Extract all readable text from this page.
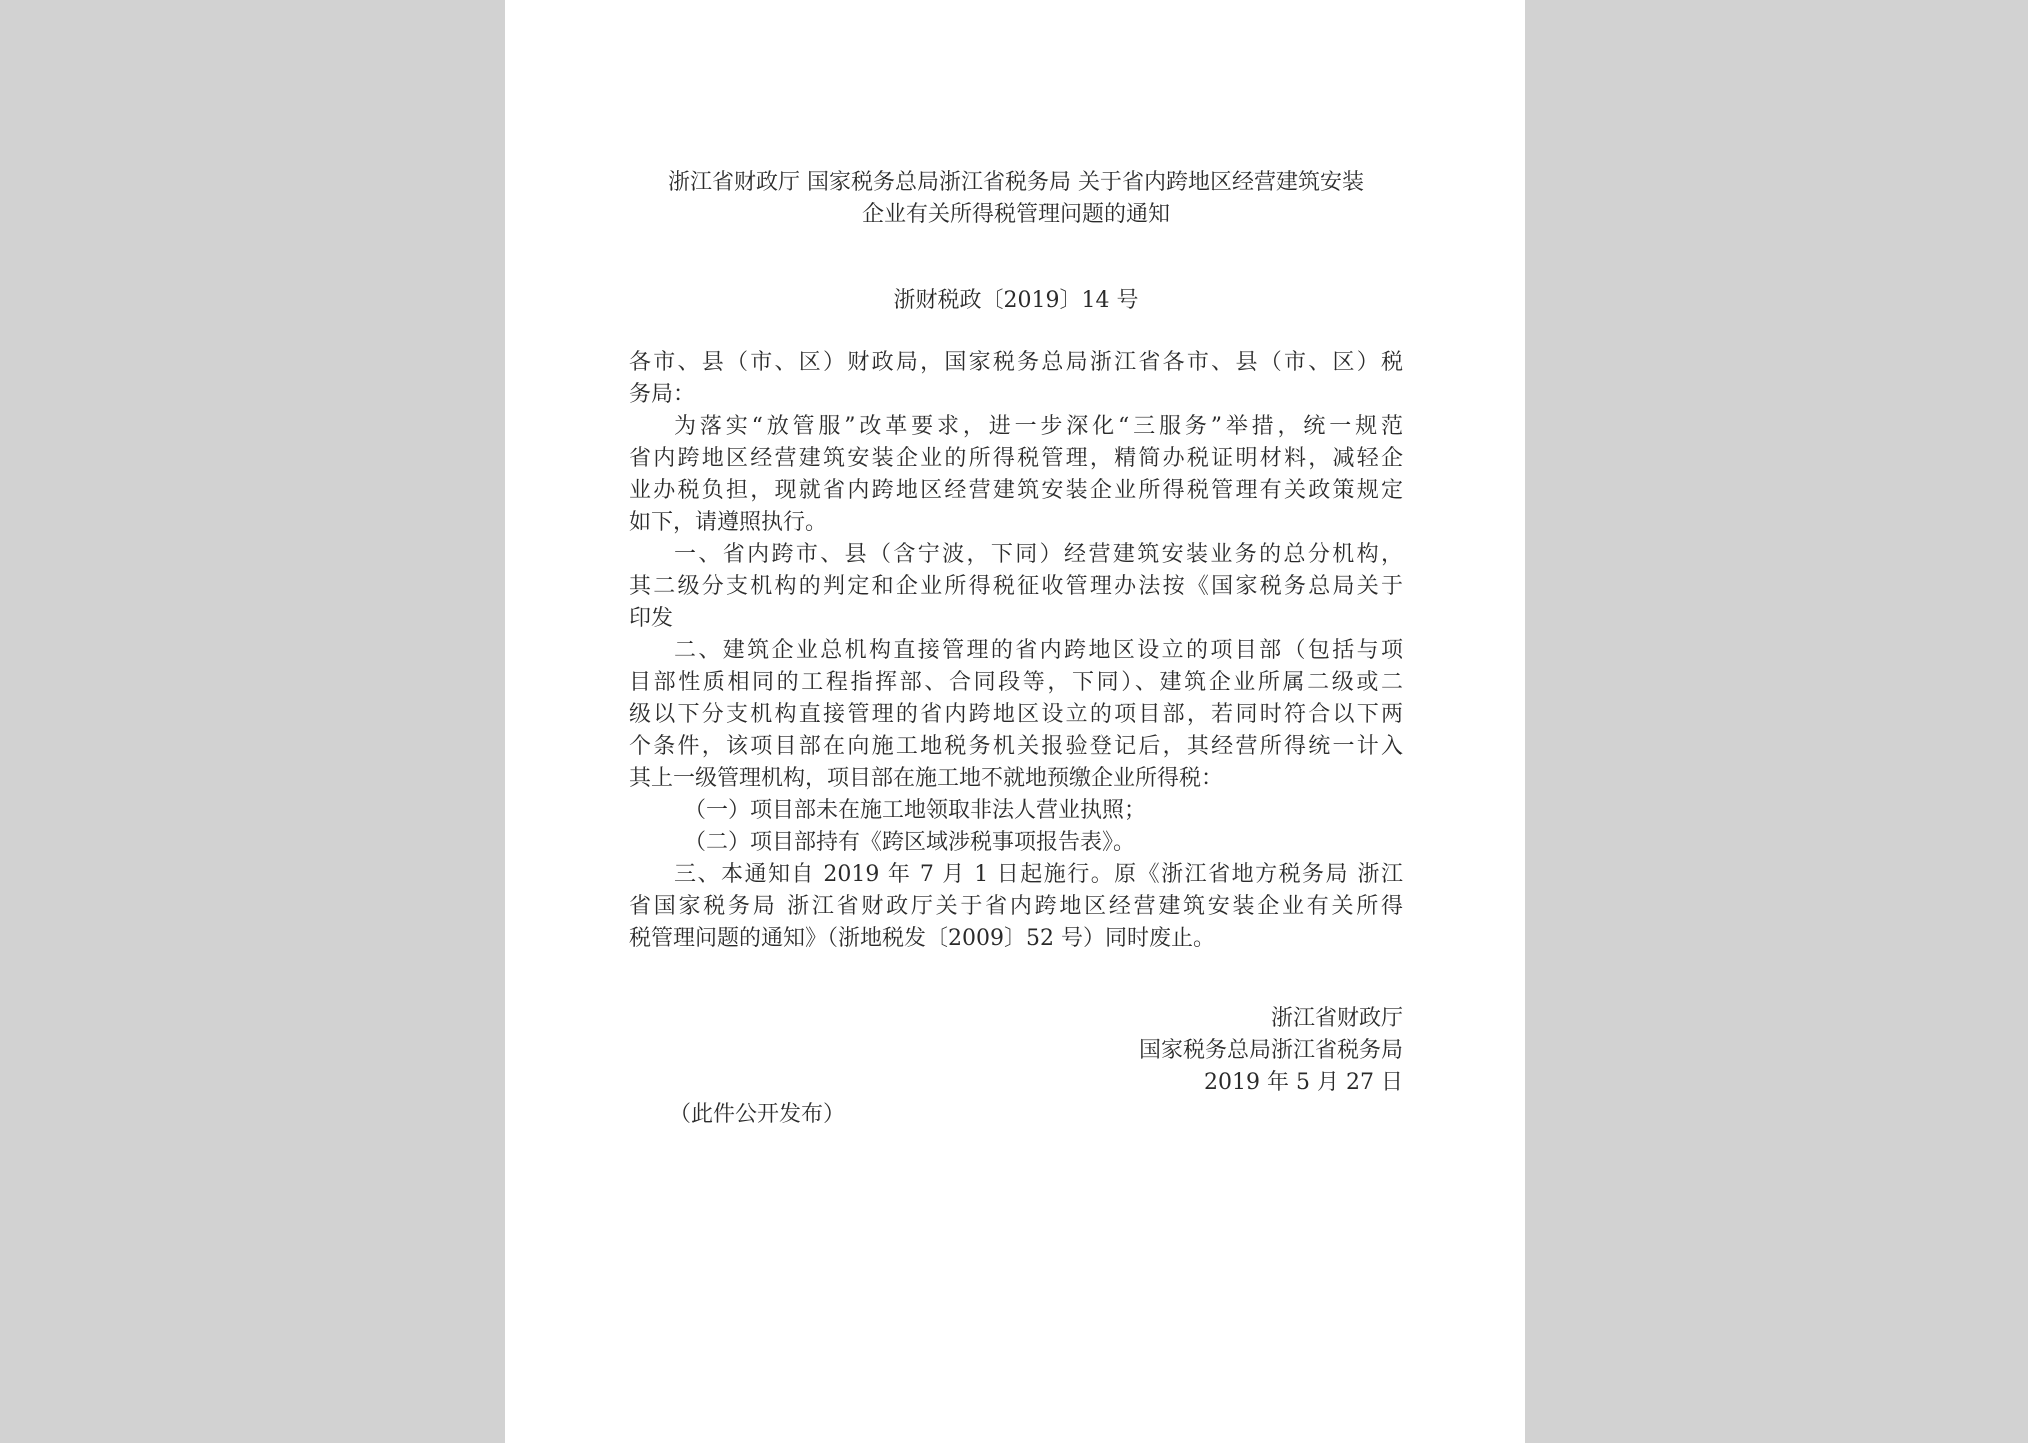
浙江省财政厅 国家税务总局浙江省税务局 关于省内跨地区经营建筑安装
企业有关所得税管理问题的通知
浙财税政〔2019〕14 号
各市、县（市、区）财政局，国家税务总局浙江省各市、县（市、区）税
务局：
为落实“放管服”改革要求，进一步深化“三服务”举措，统一规范
省内跨地区经营建筑安装企业的所得税管理，精简办税证明材料，减轻企
业办税负担，现就省内跨地区经营建筑安装企业所得税管理有关政策规定
如下，请遵照执行。
一、省内跨市、县（含宁波，下同）经营建筑安装业务的总分机构，
其二级分支机构的判定和企业所得税征收管理办法按《国家税务总局关于
印发
二、建筑企业总机构直接管理的省内跨地区设立的项目部（包括与项
目部性质相同的工程指挥部、合同段等，下同）、建筑企业所属二级或二
级以下分支机构直接管理的省内跨地区设立的项目部，若同时符合以下两
个条件，该项目部在向施工地税务机关报验登记后，其经营所得统一计入
其上一级管理机构，项目部在施工地不就地预缴企业所得税：
（一）项目部未在施工地领取非法人营业执照；
（二）项目部持有《跨区域涉税事项报告表》。
三、本通知自 2019 年 7 月 1 日起施行。原《浙江省地方税务局 浙江
省国家税务局 浙江省财政厅关于省内跨地区经营建筑安装企业有关所得
税管理问题的通知》（浙地税发〔2009〕52 号）同时废止。
浙江省财政厅
国家税务总局浙江省税务局
2019 年 5 月 27 日
（此件公开发布）
